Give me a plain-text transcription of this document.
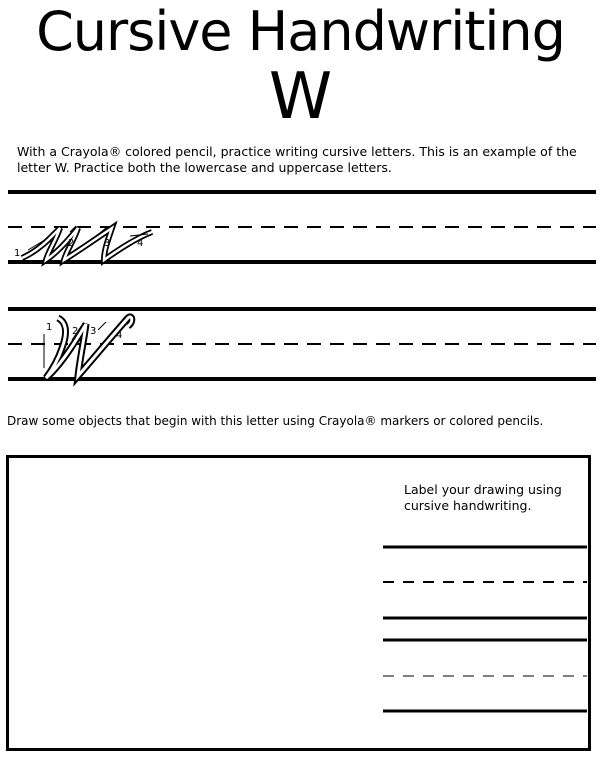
Cursive Handwriting
W

With a Crayola® colored pencil, practice writing cursive letters. This is an example of the letter W. Practice both the lowercase and uppercase letters.

1
2	3	4
1 2 3 4

Draw some objects that begin with this letter using Crayola® markers or colored pencils.

Label your drawing using cursive handwriting.
